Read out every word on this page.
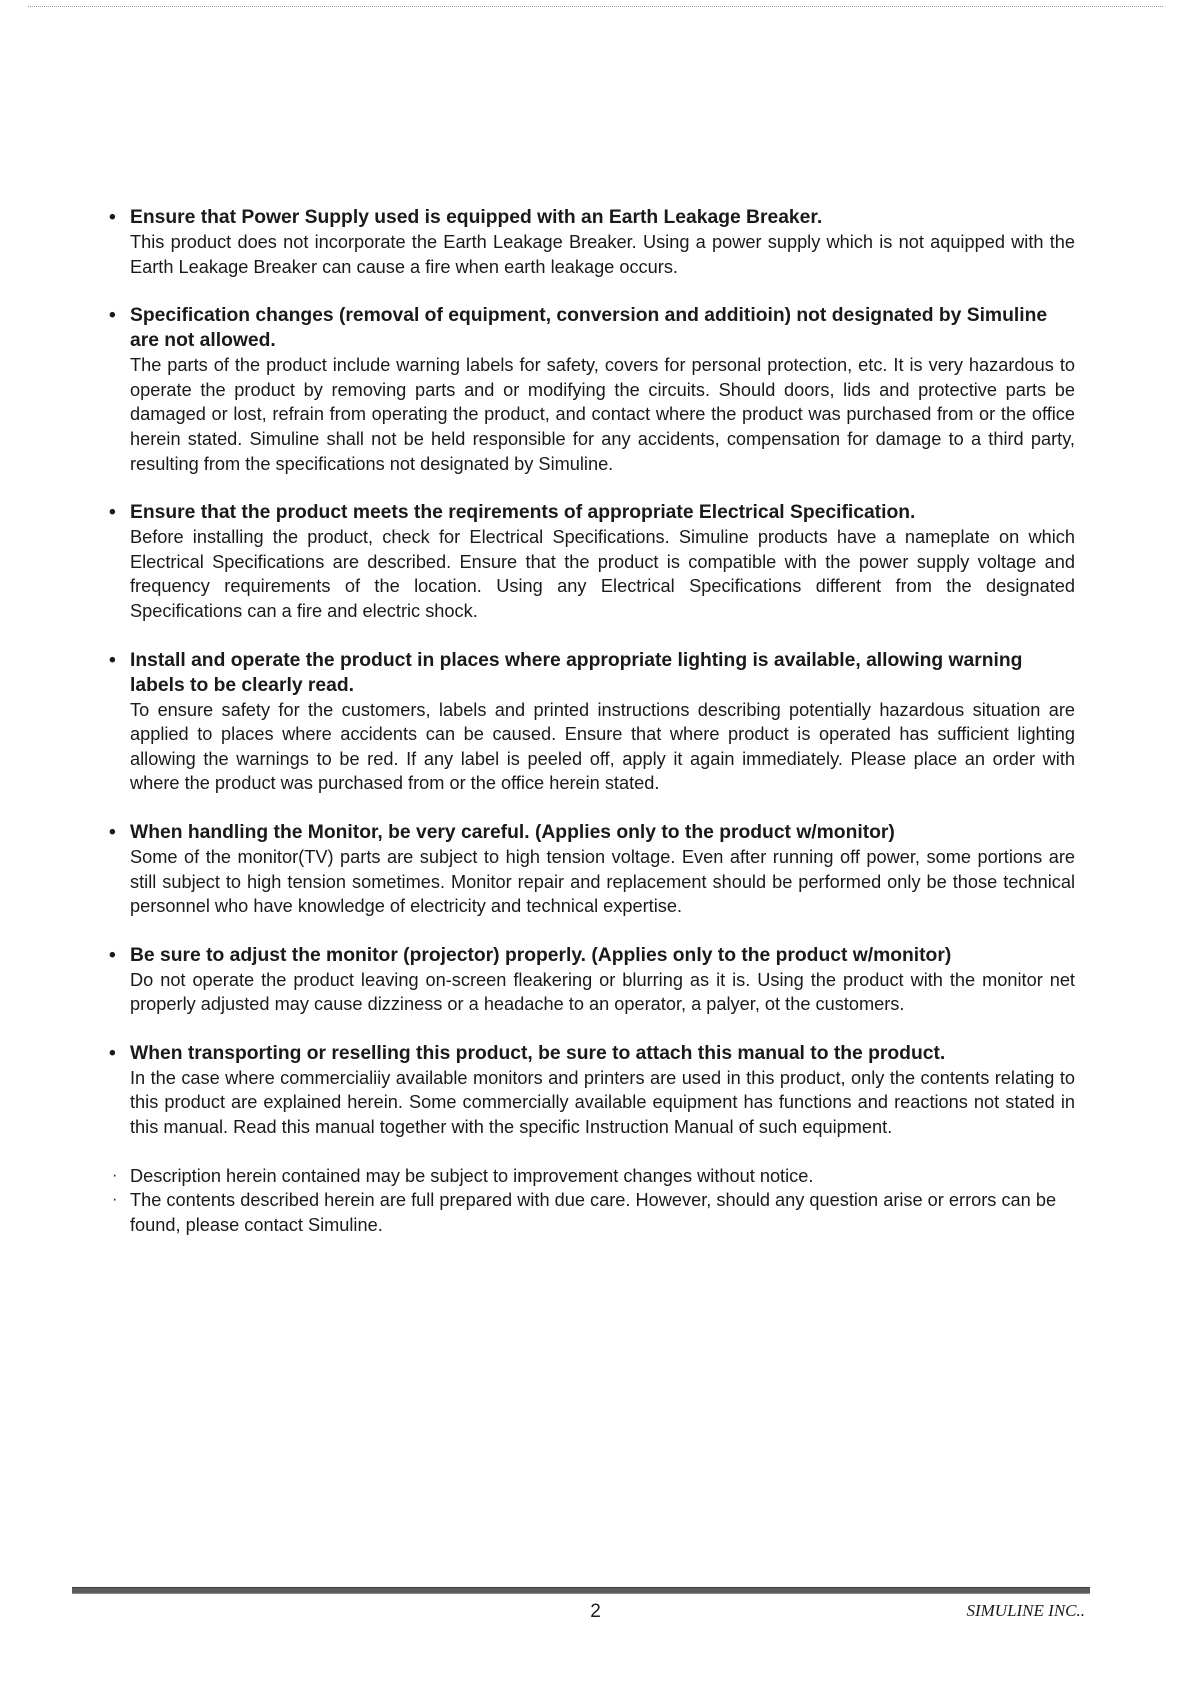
• Ensure that Power Supply used is equipped with an Earth Leakage Breaker.
This product does not incorporate the Earth Leakage Breaker. Using a power supply which is not aquipped with the Earth Leakage Breaker can cause a fire when earth leakage occurs.
• Specification changes (removal of equipment, conversion and additioin) not designated by Simuline are not allowed.
The parts of the product include warning labels for safety, covers for personal protection, etc. It is very hazardous to operate the product by removing parts and or modifying the circuits. Should doors, lids and protective parts be damaged or lost, refrain from operating the product, and contact where the product was purchased from or the office herein stated. Simuline shall not be held responsible for any accidents, compensation for damage to a third party, resulting from the specifications not designated by Simuline.
• Ensure that the product meets the reqirements of appropriate Electrical Specification.
Before installing the product, check for Electrical Specifications. Simuline products have a nameplate on which Electrical Specifications are described. Ensure that the product is compatible with the power supply voltage and frequency requirements of the location. Using any Electrical Specifications different from the designated Specifications can a fire and electric shock.
• Install and operate the product in places where appropriate lighting is available, allowing warning labels to be clearly read.
To ensure safety for the customers, labels and printed instructions describing potentially hazardous situation are applied to places where accidents can be caused. Ensure that where product is operated has sufficient lighting allowing the warnings to be red. If any label is peeled off, apply it again immediately. Please place an order with where the product was purchased from or the office herein stated.
• When handling the Monitor, be very careful. (Applies only to the product w/monitor)
Some of the monitor(TV) parts are subject to high tension voltage. Even after running off power, some portions are still subject to high tension sometimes. Monitor repair and replacement should be performed only be those technical personnel who have knowledge of electricity and technical expertise.
• Be sure to adjust the monitor (projector) properly. (Applies only to the product w/monitor)
Do not operate the product leaving on-screen fleakering or blurring as it is. Using the product with the monitor net properly adjusted may cause dizziness or a headache to an operator, a palyer, ot the customers.
• When transporting or reselling this product, be sure to attach this manual to the product.
In the case where commercialiiy available monitors and printers are used in this product, only the contents relating to this product are explained herein. Some commercially available equipment has functions and reactions not stated in this manual. Read this manual together with the specific Instruction Manual of such equipment.
· Description herein contained may be subject to improvement changes without notice.
· The contents described herein are full prepared with due care. However, should any question arise or errors can be found, please contact Simuline.
2	SIMULINE INC..
